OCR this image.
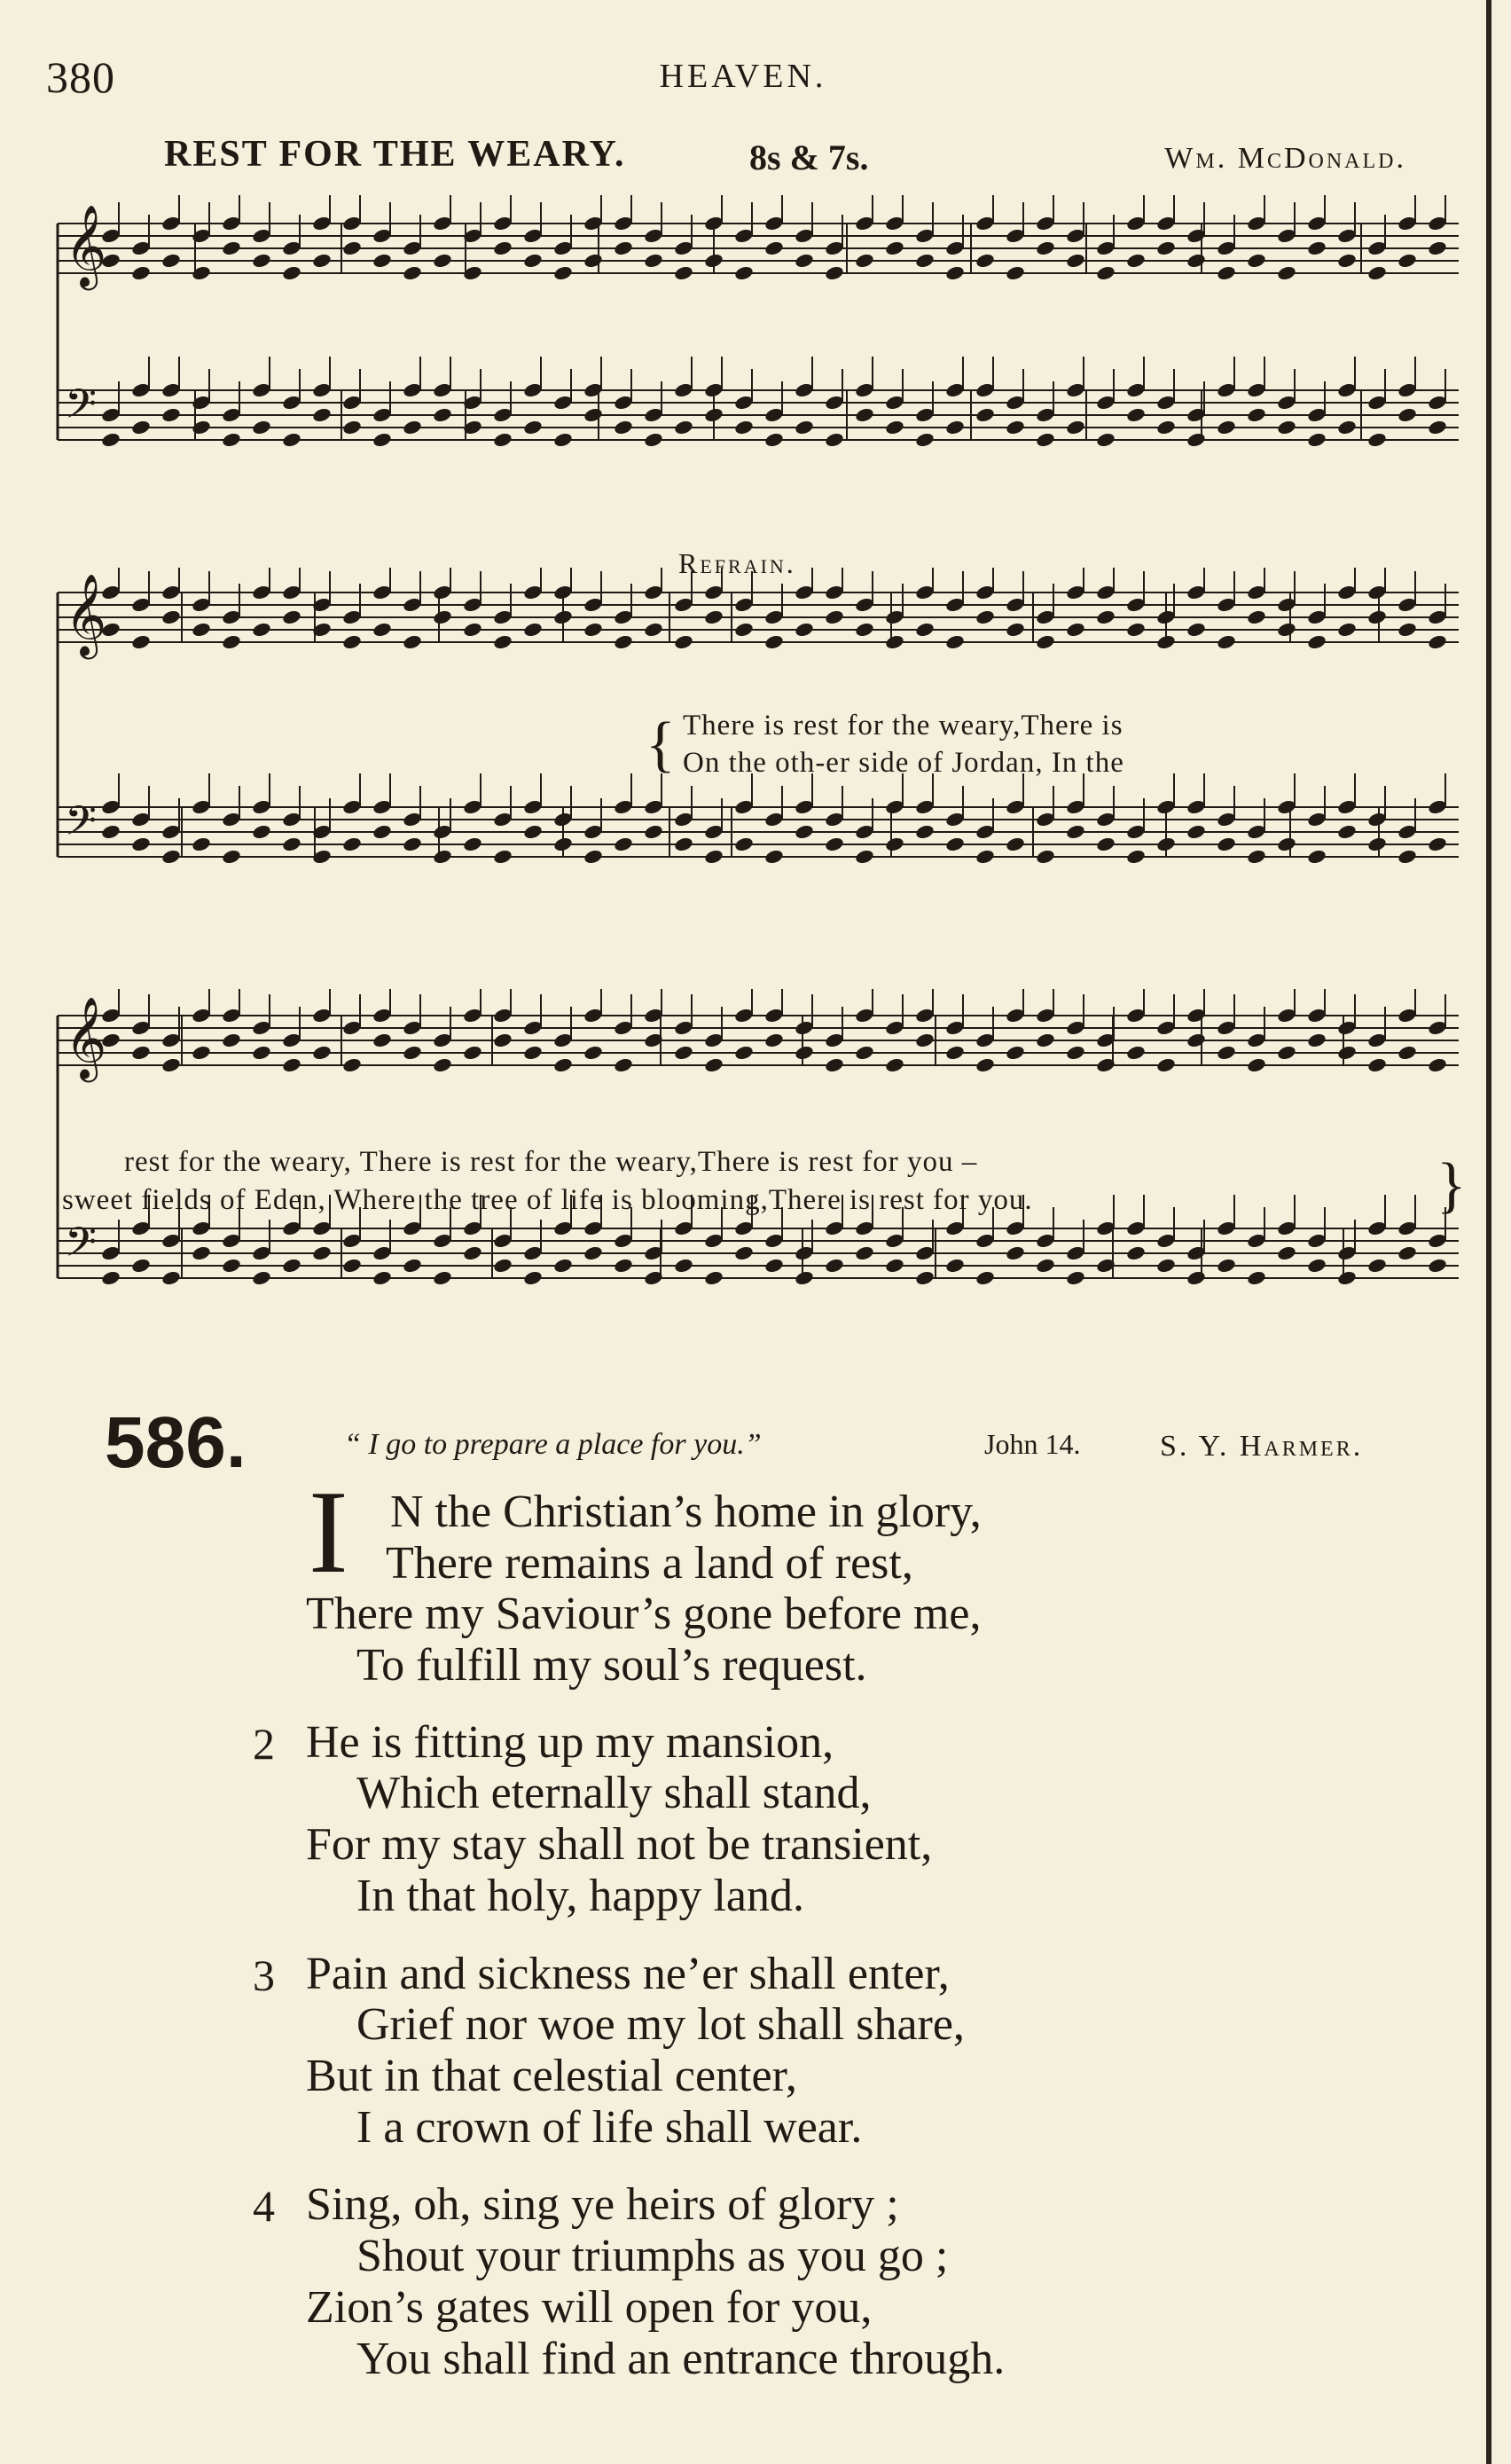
380	HEAVEN.
REST FOR THE WEARY.	8s & 7s.	Wm. McDonald.
𝄞
𝄢
Refrain.
𝄞
𝄢
{ There is rest for the weary,There is
On the oth-er side of Jordan, In the
𝄞
𝄢
rest for the weary, There is rest for the weary,There is rest for you –
sweet fields of Eden, Where the tree of life is blooming,There is rest for you.	}
586.	“ I go to prepare a place for you.”	John 14.	S. Y. Harmer.
I N the Christian’s home in glory,
There remains a land of rest,
There my Saviour’s gone before me,
To fulfill my soul’s request.
2 He is fitting up my mansion,
Which eternally shall stand,
For my stay shall not be transient,
In that holy, happy land.
3 Pain and sickness ne’er shall enter,
Grief nor woe my lot shall share,
But in that celestial center,
I a crown of life shall wear.
4 Sing, oh, sing ye heirs of glory ;
Shout your triumphs as you go ;
Zion’s gates will open for you,
You shall find an entrance through.
